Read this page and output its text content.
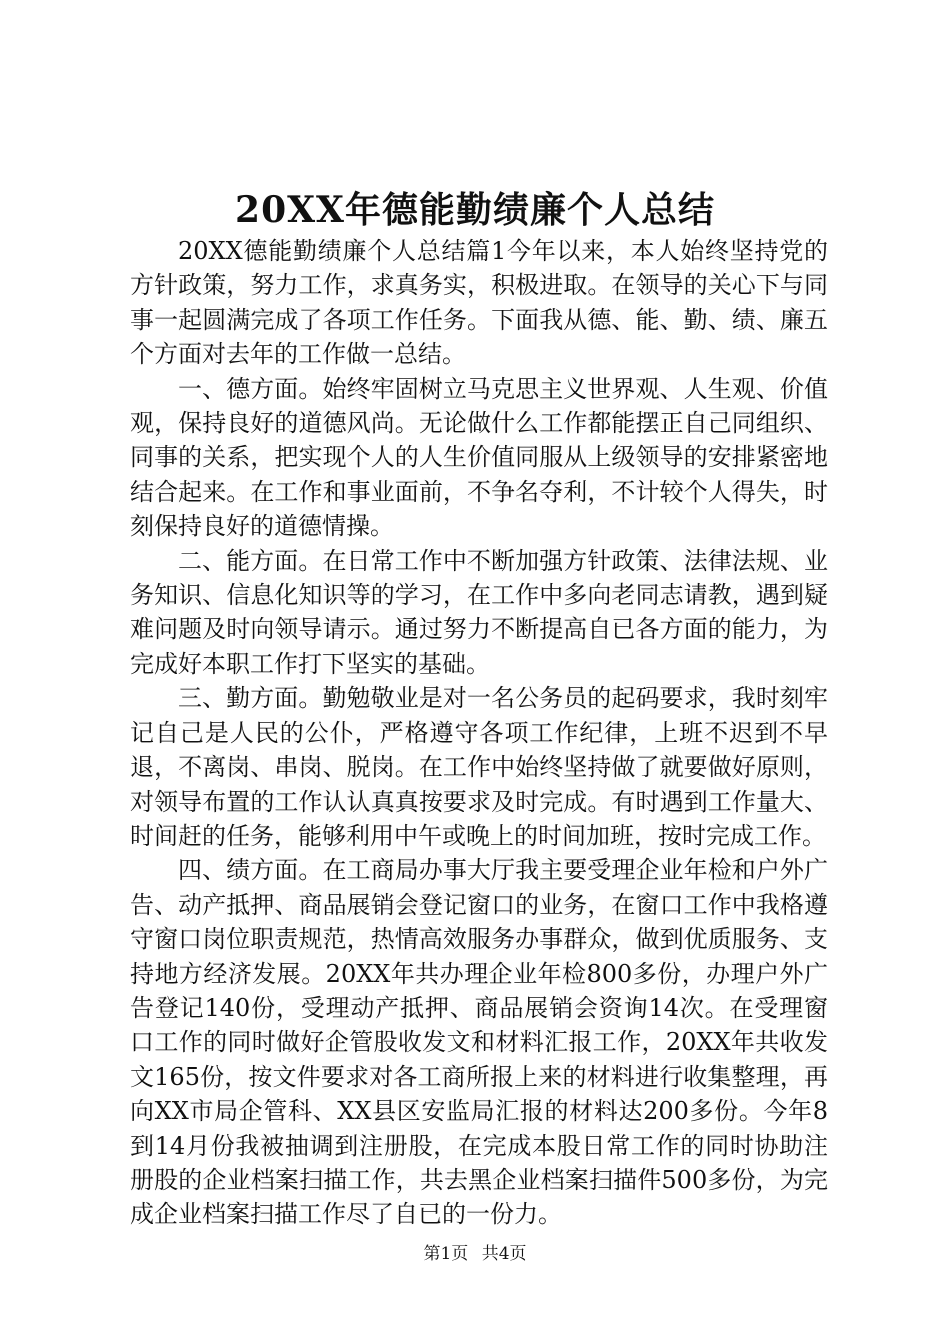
20XX年德能勤绩廉个人总结

20XX德能勤绩廉个人总结篇1今年以来，本人始终坚持党的方针政策，努力工作，求真务实，积极进取。在领导的关心下与同事一起圆满完成了各项工作任务。下面我从德、能、勤、绩、廉五个方面对去年的工作做一总结。

一、德方面。始终牢固树立马克思主义世界观、人生观、价值观，保持良好的道德风尚。无论做什么工作都能摆正自己同组织、同事的关系，把实现个人的人生价值同服从上级领导的安排紧密地结合起来。在工作和事业面前，不争名夺利，不计较个人得失，时刻保持良好的道德情操。

二、能方面。在日常工作中不断加强方针政策、法律法规、业务知识、信息化知识等的学习，在工作中多向老同志请教，遇到疑难问题及时向领导请示。通过努力不断提高自已各方面的能力，为完成好本职工作打下坚实的基础。

三、勤方面。勤勉敬业是对一名公务员的起码要求，我时刻牢记自己是人民的公仆，严格遵守各项工作纪律，上班不迟到不早退，不离岗、串岗、脱岗。在工作中始终坚持做了就要做好原则，对领导布置的工作认认真真按要求及时完成。有时遇到工作量大、时间赶的任务，能够利用中午或晚上的时间加班，按时完成工作。

四、绩方面。在工商局办事大厅我主要受理企业年检和户外广告、动产抵押、商品展销会登记窗口的业务，在窗口工作中我格遵守窗口岗位职责规范，热情高效服务办事群众，做到优质服务、支持地方经济发展。20XX年共办理企业年检800多份，办理户外广告登记140份，受理动产抵押、商品展销会资询14次。在受理窗口工作的同时做好企管股收发文和材料汇报工作，20XX年共收发文165份，按文件要求对各工商所报上来的材料进行收集整理，再向XX市局企管科、XX县区安监局汇报的材料达200多份。今年8到14月份我被抽调到注册股，在完成本股日常工作的同时协助注册股的企业档案扫描工作，共去黑企业档案扫描件500多份，为完成企业档案扫描工作尽了自已的一份力。

第1页 共4页
